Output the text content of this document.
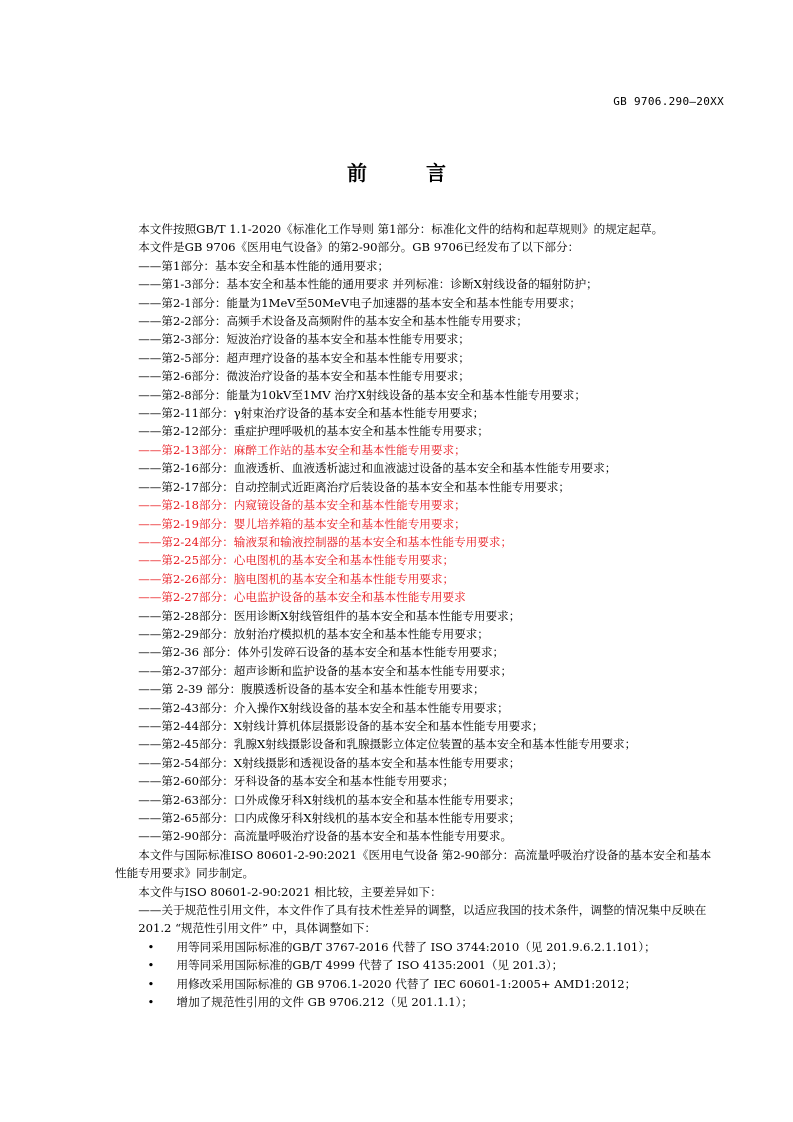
GB 9706.290—20XX
前 言
本文件按照GB/T 1.1-2020《标准化工作导则 第1部分：标准化文件的结构和起草规则》的规定起草。
本文件是GB 9706《医用电气设备》的第2-90部分。GB 9706已经发布了以下部分：
——第1部分：基本安全和基本性能的通用要求；
——第1-3部分：基本安全和基本性能的通用要求 并列标准：诊断X射线设备的辐射防护；
——第2-1部分：能量为1MeV至50MeV电子加速器的基本安全和基本性能专用要求；
——第2-2部分：高频手术设备及高频附件的基本安全和基本性能专用要求；
——第2-3部分：短波治疗设备的基本安全和基本性能专用要求；
——第2-5部分：超声理疗设备的基本安全和基本性能专用要求；
——第2-6部分：微波治疗设备的基本安全和基本性能专用要求；
——第2-8部分：能量为10kV至1MV 治疗X射线设备的基本安全和基本性能专用要求；
——第2-11部分：γ射束治疗设备的基本安全和基本性能专用要求；
——第2-12部分：重症护理呼吸机的基本安全和基本性能专用要求；
——第2-13部分：麻醉工作站的基本安全和基本性能专用要求；
——第2-16部分：血液透析、血液透析滤过和血液滤过设备的基本安全和基本性能专用要求；
——第2-17部分：自动控制式近距离治疗后装设备的基本安全和基本性能专用要求；
——第2-18部分：内窥镜设备的基本安全和基本性能专用要求；
——第2-19部分：婴儿培养箱的基本安全和基本性能专用要求；
——第2-24部分：输液泵和输液控制器的基本安全和基本性能专用要求；
——第2-25部分：心电图机的基本安全和基本性能专用要求；
——第2-26部分：脑电图机的基本安全和基本性能专用要求；
——第2-27部分：心电监护设备的基本安全和基本性能专用要求
——第2-28部分：医用诊断X射线管组件的基本安全和基本性能专用要求；
——第2-29部分：放射治疗模拟机的基本安全和基本性能专用要求；
——第2-36 部分：体外引发碎石设备的基本安全和基本性能专用要求；
——第2-37部分：超声诊断和监护设备的基本安全和基本性能专用要求；
——第 2-39 部分：腹膜透析设备的基本安全和基本性能专用要求；
——第2-43部分：介入操作X射线设备的基本安全和基本性能专用要求；
——第2-44部分：X射线计算机体层摄影设备的基本安全和基本性能专用要求；
——第2-45部分：乳腺X射线摄影设备和乳腺摄影立体定位装置的基本安全和基本性能专用要求；
——第2-54部分：X射线摄影和透视设备的基本安全和基本性能专用要求；
——第2-60部分：牙科设备的基本安全和基本性能专用要求；
——第2-63部分：口外成像牙科X射线机的基本安全和基本性能专用要求；
——第2-65部分：口内成像牙科X射线机的基本安全和基本性能专用要求；
——第2-90部分：高流量呼吸治疗设备的基本安全和基本性能专用要求。
本文件与国际标准ISO 80601-2-90:2021《医用电气设备 第2-90部分：高流量呼吸治疗设备的基本安全和基本性能专用要求》同步制定。
本文件与ISO 80601-2-90:2021 相比较，主要差异如下：
——关于规范性引用文件，本文件作了具有技术性差异的调整，以适应我国的技术条件，调整的情况集中反映在 201.2 “规范性引用文件” 中，具体调整如下：
• 用等同采用国际标准的GB/T 3767-2016 代替了 ISO 3744:2010（见 201.9.6.2.1.101）；
• 用等同采用国际标准的GB/T 4999 代替了 ISO 4135:2001（见 201.3）；
• 用修改采用国际标准的 GB 9706.1-2020 代替了 IEC 60601-1:2005+ AMD1:2012；
• 增加了规范性引用的文件 GB 9706.212（见 201.1.1）；
